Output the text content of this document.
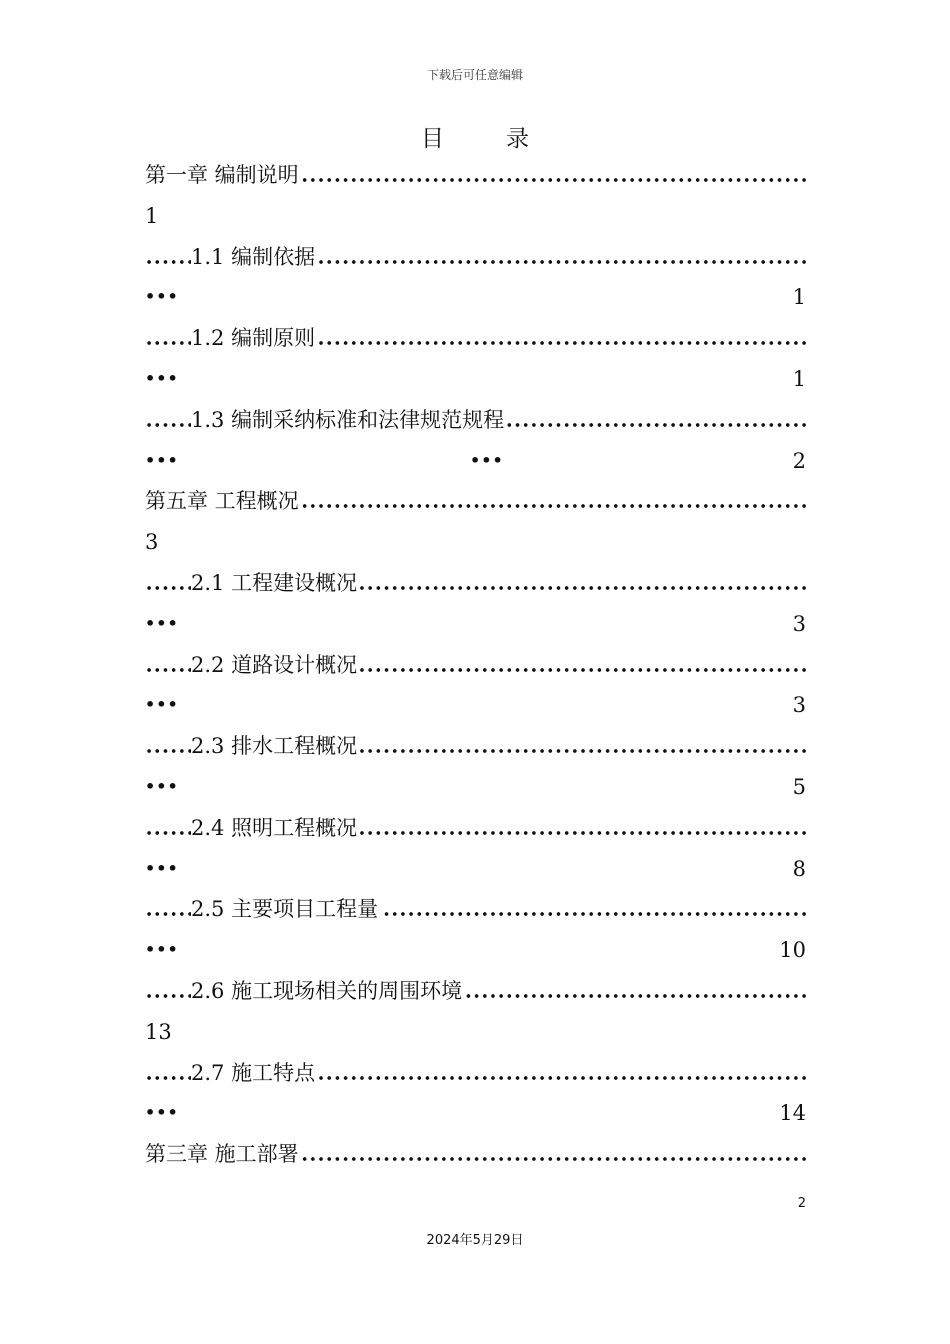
下载后可任意编辑
目录
第一章 编制说明
1
1.1 编制依据
•••	1
1.2 编制原则
•••	1
1.3 编制采纳标准和法律规范规程
•••	•••	2
第五章 工程概况
3
2.1 工程建设概况
•••	3
2.2 道路设计概况
•••	3
2.3 排水工程概况
•••	5
2.4 照明工程概况
•••	8
2.5 主要项目工程量
•••	10
2.6 施工现场相关的周围环境
13
2.7 施工特点
•••	14
第三章 施工部署
2
2024年5月29日
